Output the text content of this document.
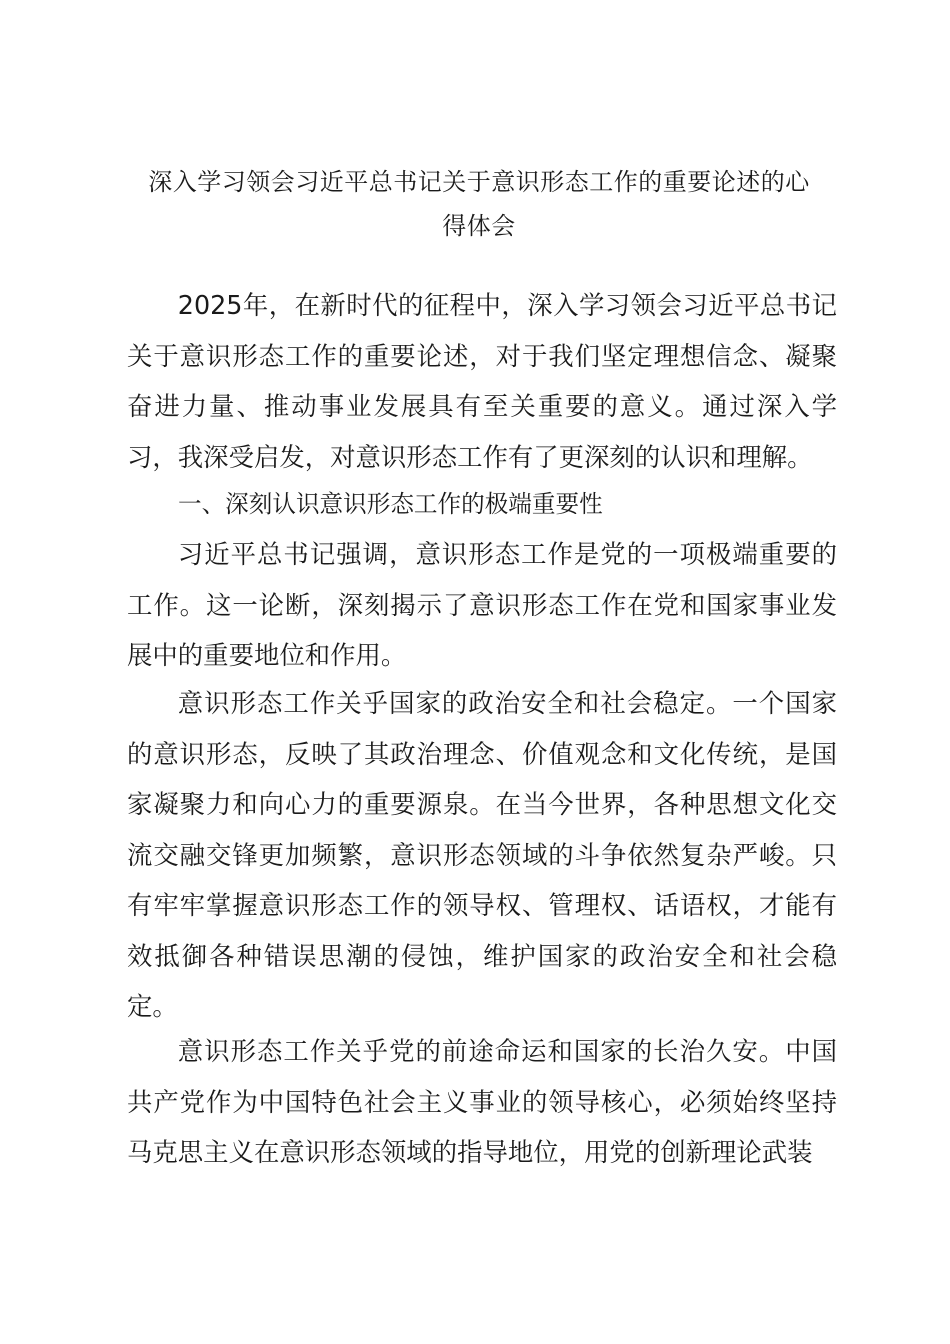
深入学习领会习近平总书记关于意识形态工作的重要论述的心
得体会

2025年，在新时代的征程中，深入学习领会习近平总书记关于意识形态工作的重要论述，对于我们坚定理想信念、凝聚奋进力量、推动事业发展具有至关重要的意义。通过深入学习，我深受启发，对意识形态工作有了更深刻的认识和理解。

一、深刻认识意识形态工作的极端重要性

习近平总书记强调，意识形态工作是党的一项极端重要的工作。这一论断，深刻揭示了意识形态工作在党和国家事业发展中的重要地位和作用。

意识形态工作关乎国家的政治安全和社会稳定。一个国家的意识形态，反映了其政治理念、价值观念和文化传统，是国家凝聚力和向心力的重要源泉。在当今世界，各种思想文化交流交融交锋更加频繁，意识形态领域的斗争依然复杂严峻。只有牢牢掌握意识形态工作的领导权、管理权、话语权，才能有效抵御各种错误思潮的侵蚀，维护国家的政治安全和社会稳定。

意识形态工作关乎党的前途命运和国家的长治久安。中国共产党作为中国特色社会主义事业的领导核心，必须始终坚持马克思主义在意识形态领域的指导地位，用党的创新理论武装
